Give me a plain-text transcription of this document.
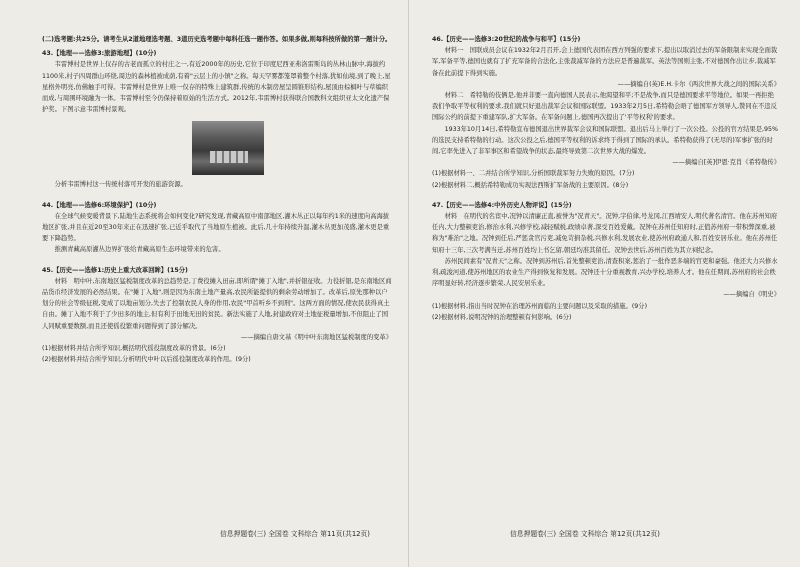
(二)选考题:共25分。请考生从2道地理选考题、3道历史选考题中每科任选一题作答。如果多做,则每科按所做的第一题计分。

43.【地理——选修3:旅游地理】(10分)

韦雷博村是世界上仅存的古老而孤立的村庄之一,有近2000年的历史,它位于印度尼西亚弗洛雷斯岛的丛林山脉中,海拔约1100米,村子四周群山环绕,周边的森林植被成荫,有着"云层上的小镇"之称。每天罕雾都笼罩着整个村落,犹如仙境,到了晚上,星星格外明亮,仿佛触手可得。韦雷博村是世界上唯一仅存的特殊上建筑群,传统的木制房屋呈圆锥形结构,屋顶由棕榈叶与草编织而成,与周围环境融为一体。韦雷博村至今仍保持着原始的生活方式。2012年,韦雷博村获得联合国教科文组织亚太文化遗产保护奖。下图示意韦雷博村景观。

分析韦雷博村这一传统村落可开发的旅游资源。

44.【地理——选修6:环境保护】(10分)

在全球气候变暖背景下,陆地生态系统将会如何变化?研究发现,青藏高原中南部地区,灌木丛正以每年约1米的速度向高海拔地区扩张,并且在近20至30年来正在迅速扩张,已近乎取代了当地原生植被。此后,几十年持续升温,灌木丛更加茂盛,灌木更是重要下降趋势。

推测青藏高原灌丛边界扩张给青藏高原生态环境带来的危害。

45.【历史——选修1:历史上重大改革回眸】(15分)

材料　明中叶,东南地区猛税制度改革的总趋势是,丁费役摊入田亩,即所谓"摊丁入地",并折银征收。力役折银,是东南地区商品货币经济发展的必然结果。在"摊丁入地",则是因为东南土地产量高,农民所能提供的剩余劳动增加了。改革后,原先那种以户划分的社会等级征税,变成了以地亩划分,失去了控制农民人身的作用,农民"甲首听乡不到刑"。这两方面的情况,使农民获得真土自由。摊丁入地不利于了少田多的地主,但有利于田地无田的贫民。新法实施了人地,封建政府对土地征税量增加,不但阻止了国人同赋重要数额,而且还使徭役繁重问题得到了部分解决。

——摘编自唐文基《明中叶东南地区猛税制度的变革》

(1)根据材料并结合所学知识,概括明代徭役制度改革的背景。(6分)

(2)根据材料并结合所学知识,分析明代中叶以后徭役制度改革的作用。(9分)

46.【历史——选修3:20世纪的战争与和平】(15分)

材料一　国联成员会议在1932年2月召开,会上德国代表团在西方列强的要求下,提出以取消过去的军备限制来实现全面裁军,军备平等,德国也就有了扩充军备的合法化,主张裁减军备的方法应是普遍裁军。英法等国则主张,不对德国作出让步,裁减军备在此前提下得到实施。

——摘编自(英)E.H.卡尔《两次世界大战之间的国际关系》

材料二　希特勒的伎俩是,他并非要一直向德国人民表示,他渴望和平;不是战争,而只是德国要求平等地位。如果一再拒绝我们争取平等权利的要求,我们就只好退出裁军会议和国际联盟。1933年2月5日,希特勒会晤了德国军方领导人,赞同在不违反国际公约的前提下重建军队,扩大军备。在军备问题上,德国再次提出了'平等权利'的要求。

1933年10月14日,希特勒宣布德国退出世界裁军会议和国际联盟。退出后马上举行了一次公投。公投的官方结果是,95%的选民支持希特勒的行动。这次公投之后,德国平等权利的诉求终于得到了国际的承认。希特勒获得了(无尽的)军事扩张的时间,它率先进入了非军事区和希望战争的状态,最终导致第二次世界大战的爆发。

——摘编自[英]伊恩·克肖《希特勒传》

(1)根据材料一、二并结合所学知识,分析国联裁军努力失败的原因。(7分)

(2)根据材料二,概括希特勒成功实现法西斯扩军备战的主要原因。(8分)

47.【历史——选修4:中外历史人物评说】(15分)

材料　在明代的名宦中,况钟以清廉正直,被誉为"况青天"。况钟,字伯律,号龙冈,江西靖安人,明代著名清官。他在苏州知府任内,大力整顿吏治,修治水利,兴修学校,减轻赋税,政绩卓著,深受百姓爱戴。况钟在苏州任知府时,正值苏州府一带积弊深重,被称为"难治"之地。况钟到任后,严惩贪官污吏,减免苛捐杂税,兴修水利,发展农业,使苏州府政通人和,百姓安居乐业。他在苏州任知府十三年,三次考满当迁,苏州百姓均上书乞留,朝廷均准其留任。况钟去世后,苏州百姓为其立祠纪念。

苏州民间素有"况青天"之称。况钟到苏州后,首先整顿吏治,清查积案,惩治了一批作恶多端的官吏和豪强。他还大力兴修水利,疏浚河道,使苏州地区的农业生产得到恢复和发展。况钟还十分重视教育,兴办学校,培养人才。他在任期间,苏州府的社会秩序明显好转,经济逐步繁荣,人民安居乐业。

——摘编自《明史》

(1)根据材料,指出当时况钟在治理苏州面临的主要问题以及采取的措施。(9分)

(2)根据材料,说明况钟的治理整顿有何影响。(6分)

信息押题卷(三) 全国卷 文科综合 第11页(共12页)	信息押题卷(三) 全国卷 文科综合 第12页(共12页)
